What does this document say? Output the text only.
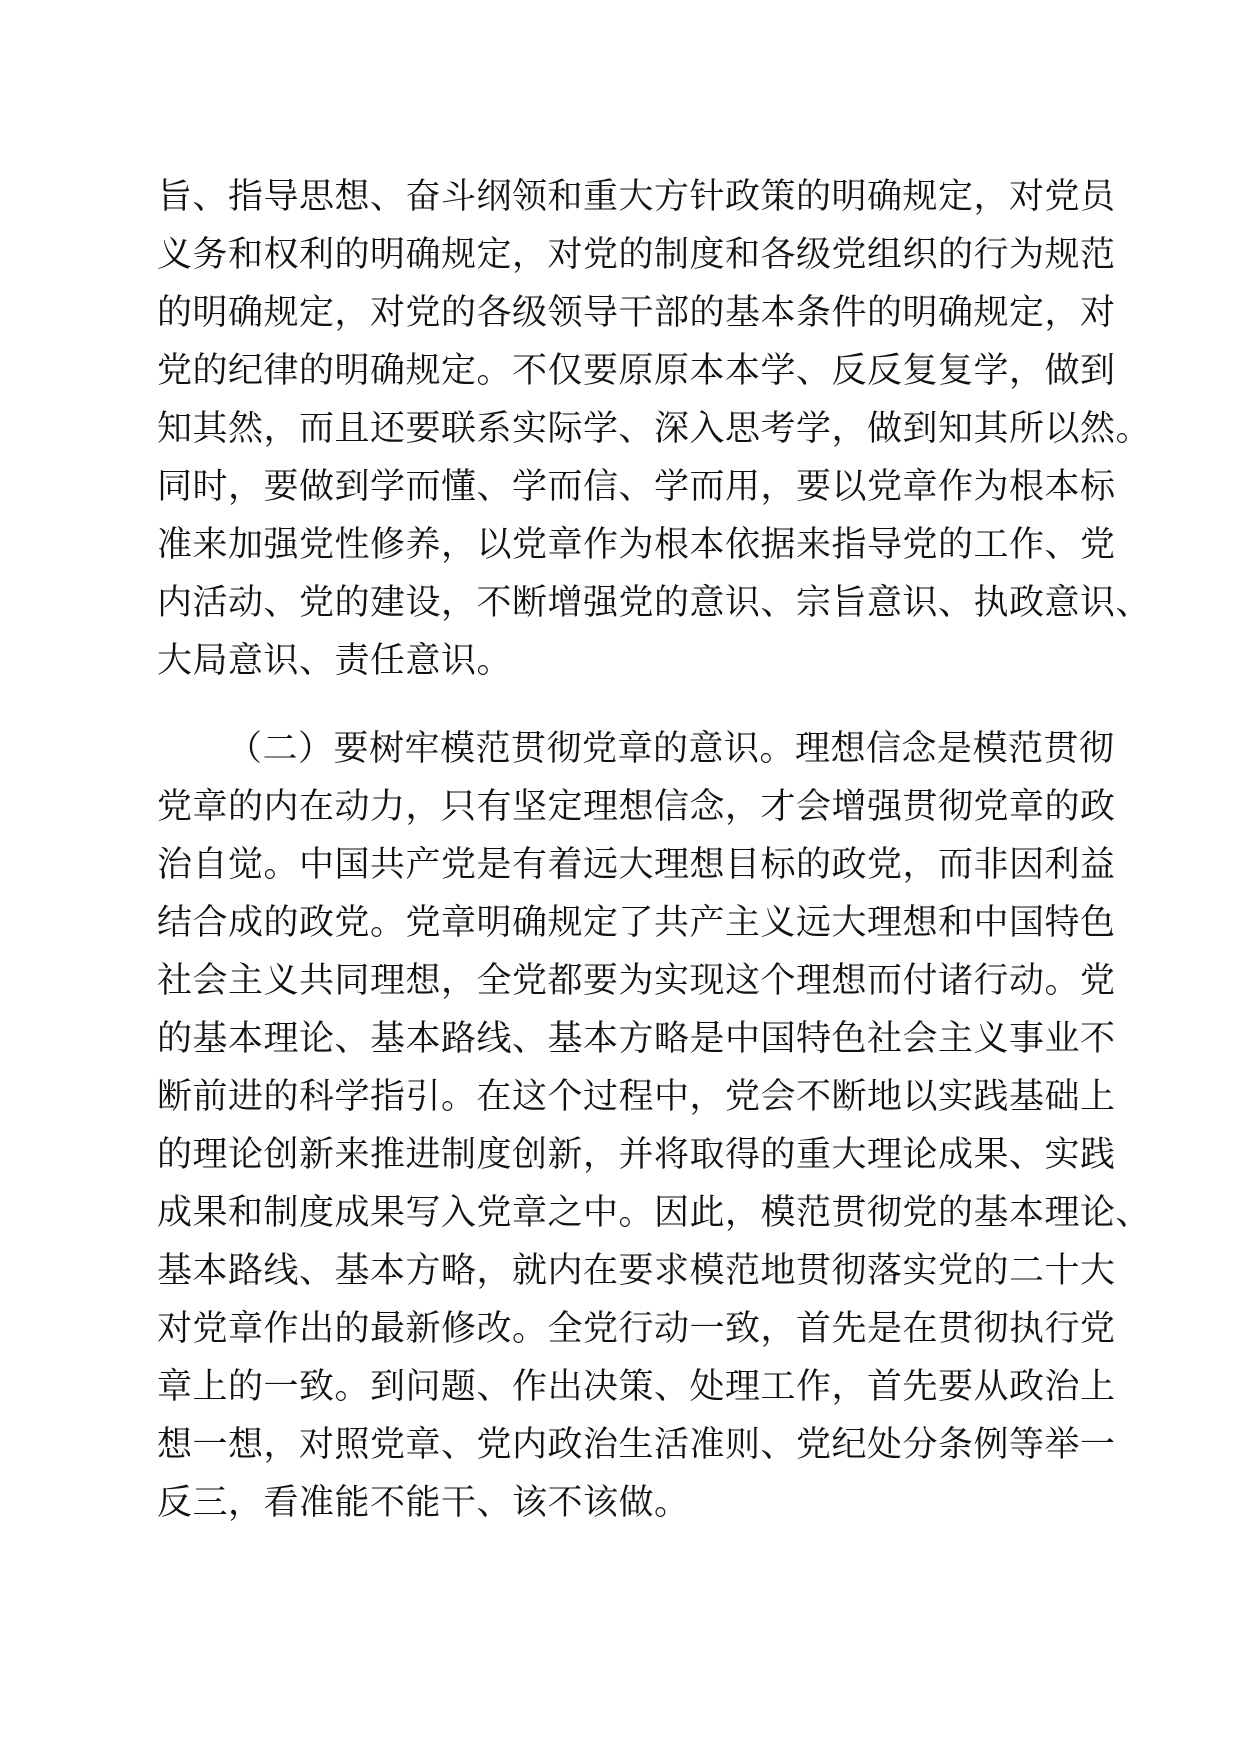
旨、指导思想、奋斗纲领和重大方针政策的明确规定，对党员
义务和权利的明确规定，对党的制度和各级党组织的行为规范
的明确规定，对党的各级领导干部的基本条件的明确规定，对
党的纪律的明确规定。不仅要原原本本学、反反复复学，做到
知其然，而且还要联系实际学、深入思考学，做到知其所以然。
同时，要做到学而懂、学而信、学而用，要以党章作为根本标
准来加强党性修养，以党章作为根本依据来指导党的工作、党
内活动、党的建设，不断增强党的意识、宗旨意识、执政意识、
大局意识、责任意识。
（二）要树牢模范贯彻党章的意识。理想信念是模范贯彻
党章的内在动力，只有坚定理想信念，才会增强贯彻党章的政
治自觉。中国共产党是有着远大理想目标的政党，而非因利益
结合成的政党。党章明确规定了共产主义远大理想和中国特色
社会主义共同理想，全党都要为实现这个理想而付诸行动。党
的基本理论、基本路线、基本方略是中国特色社会主义事业不
断前进的科学指引。在这个过程中，党会不断地以实践基础上
的理论创新来推进制度创新，并将取得的重大理论成果、实践
成果和制度成果写入党章之中。因此，模范贯彻党的基本理论、
基本路线、基本方略，就内在要求模范地贯彻落实党的二十大
对党章作出的最新修改。全党行动一致，首先是在贯彻执行党
章上的一致。到问题、作出决策、处理工作，首先要从政治上
想一想，对照党章、党内政治生活准则、党纪处分条例等举一
反三，看准能不能干、该不该做。
